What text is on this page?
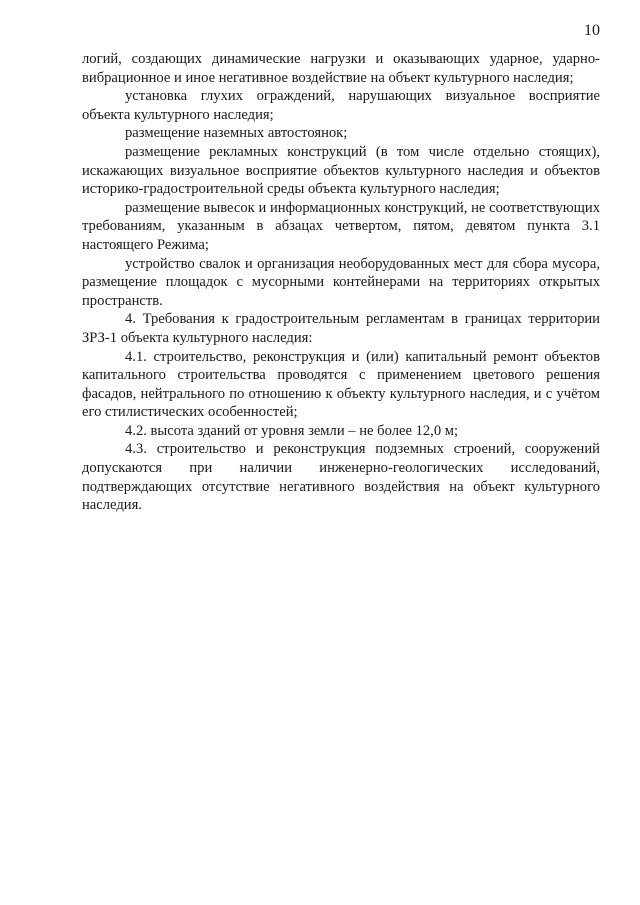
10

логий, создающих динамические нагрузки и оказывающих ударное, ударно-вибрационное и иное негативное воздействие на объект культурного наследия;

установка глухих ограждений, нарушающих визуальное восприятие объекта культурного наследия;

размещение наземных автостоянок;

размещение рекламных конструкций (в том числе отдельно стоящих), искажающих визуальное восприятие объектов культурного наследия и объектов историко-градостроительной среды объекта культурного наследия;

размещение вывесок и информационных конструкций, не соответствующих требованиям, указанным в абзацах четвертом, пятом, девятом пункта 3.1 настоящего Режима;

устройство свалок и организация необорудованных мест для сбора мусора, размещение площадок с мусорными контейнерами на территориях открытых пространств.

4. Требования к градостроительным регламентам в границах территории ЗРЗ-1 объекта культурного наследия:

4.1. строительство, реконструкция и (или) капитальный ремонт объектов капитального строительства проводятся с применением цветового решения фасадов, нейтрального по отношению к объекту культурного наследия, и с учётом его стилистических особенностей;

4.2. высота зданий от уровня земли – не более 12,0 м;

4.3. строительство и реконструкция подземных строений, сооружений допускаются при наличии инженерно-геологических исследований, подтверждающих отсутствие негативного воздействия на объект культурного наследия.
